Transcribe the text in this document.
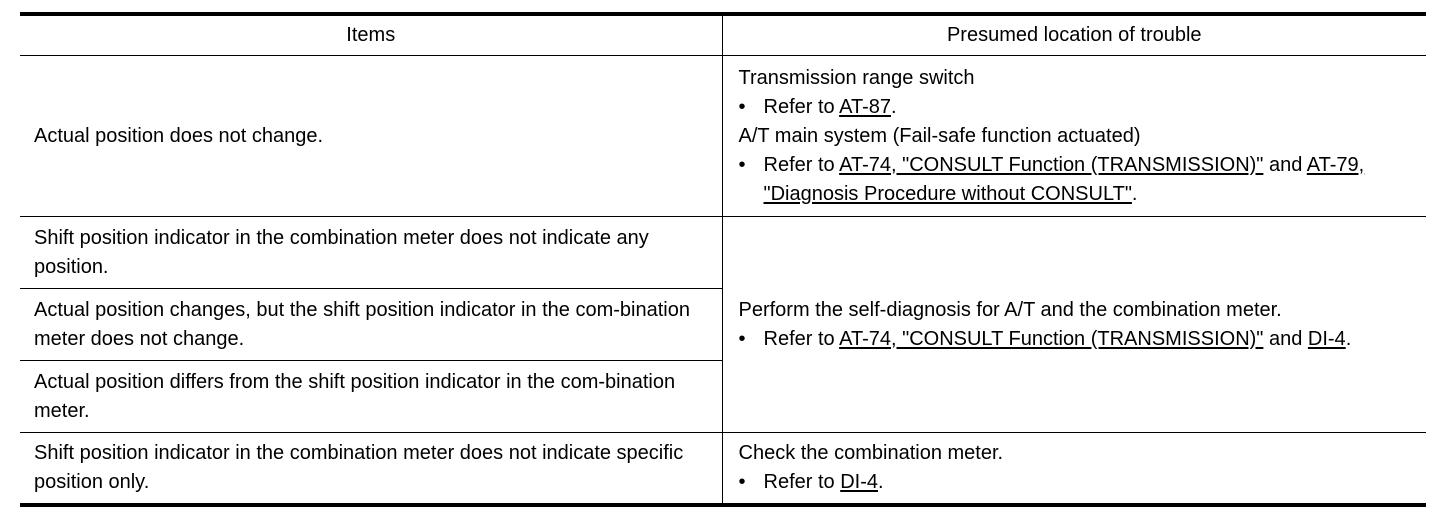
Items	Presumed location of trouble
Actual position does not change.	Transmission range switch
• Refer to AT-87.
A/T main system (Fail-safe function actuated)
• Refer to AT-74, "CONSULT Function (TRANSMISSION)" and AT-79, "Diagnosis Procedure without CONSULT".

Shift position indicator in the combination meter does not indicate any position.	Perform the self-diagnosis for A/T and the combination meter.
• Refer to AT-74, "CONSULT Function (TRANSMISSION)" and DI-4.

Actual position changes, but the shift position indicator in the com-bination meter does not change.	
Actual position differs from the shift position indicator in the com-bination meter.	
Shift position indicator in the combination meter does not indicate specific position only.	Check the combination meter.
• Refer to DI-4.
